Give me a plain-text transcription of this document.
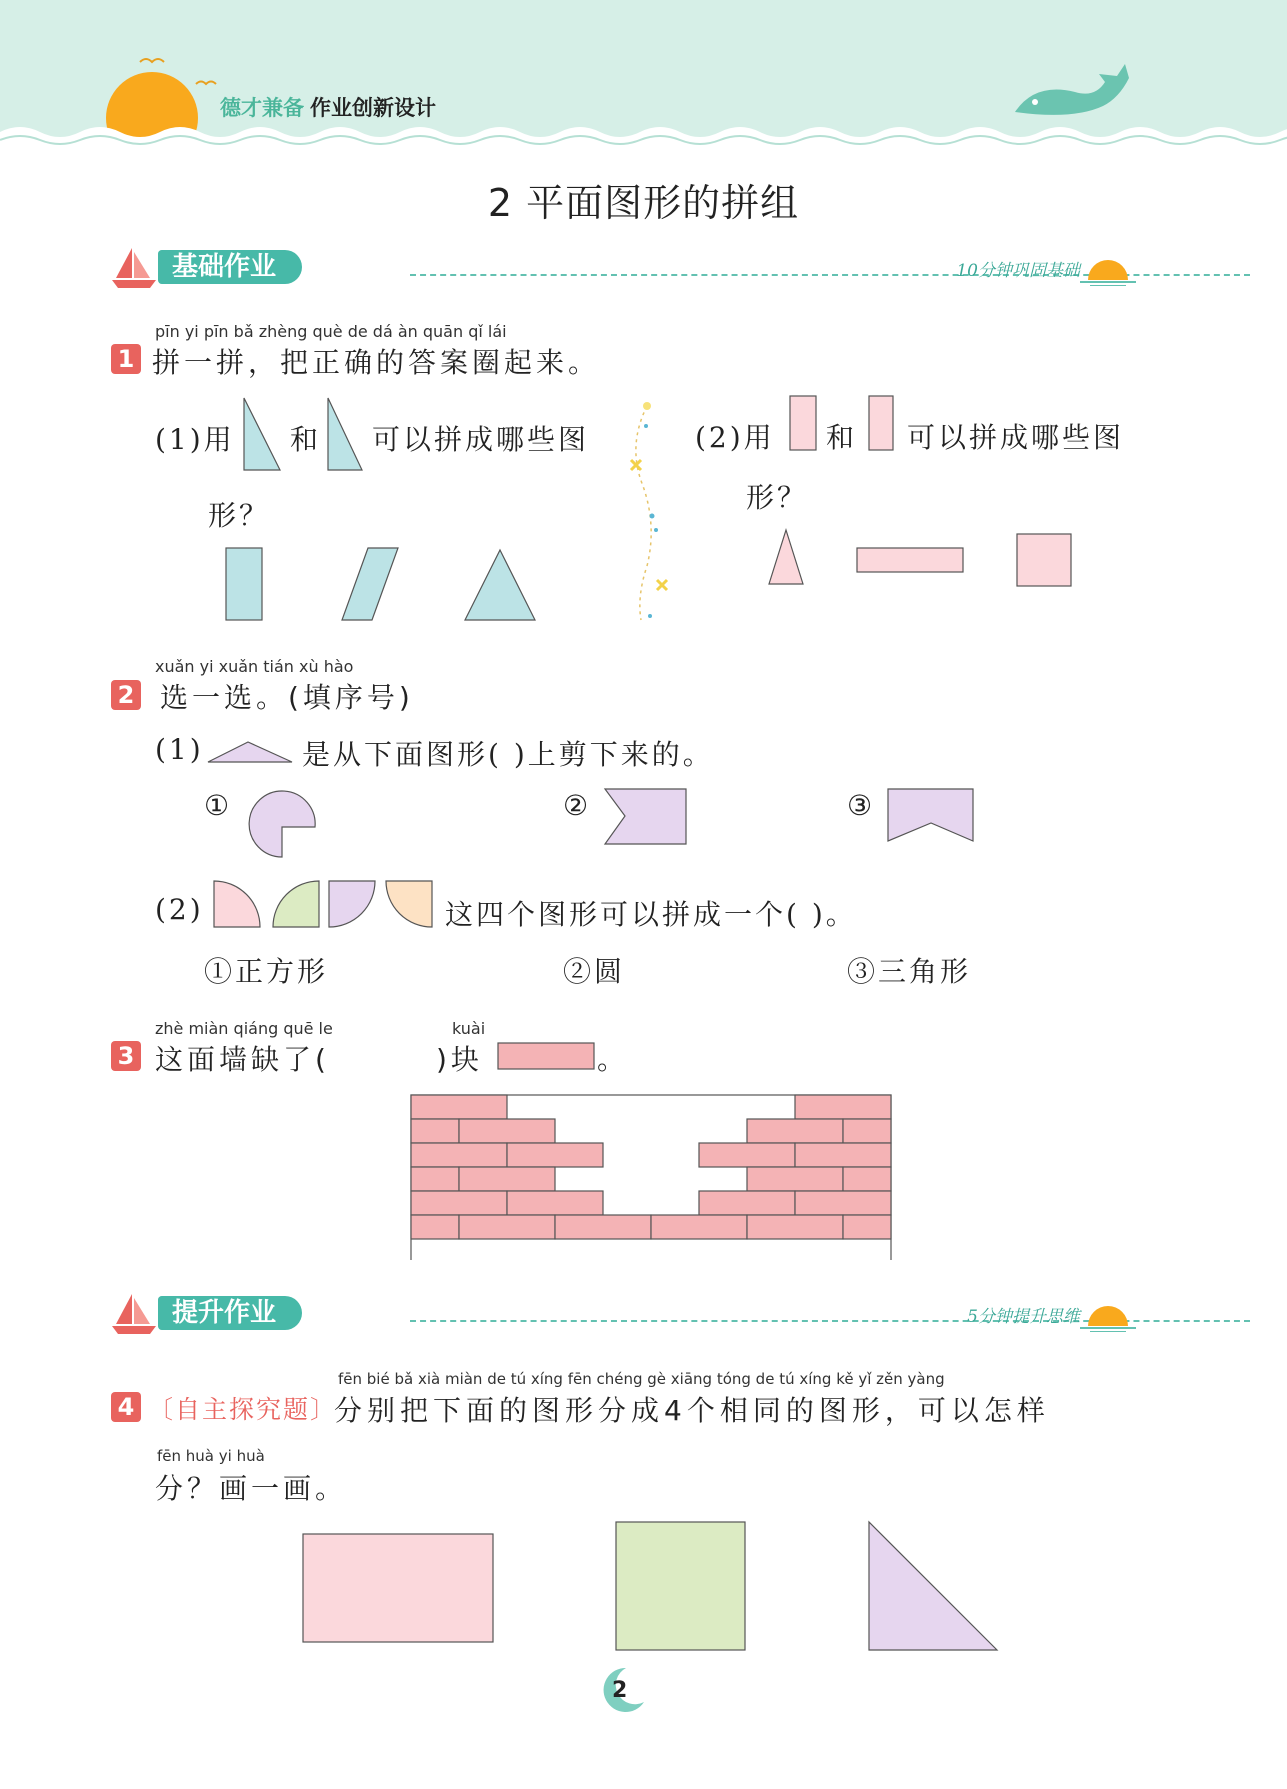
德才兼备 作业创新设计
2 平面图形的拼组
基础作业	10分钟巩固基础
pīn yi pīn bǎ zhèng què de dá àn quān qǐ lái
1 拼一拼，把正确的答案圈起来。
(1)用 和 可以拼成哪些图
形？
(2)用 和 可以拼成哪些图
形？
xuǎn yi xuǎn tián xù hào
2 选一选。(填序号)
(1)	是从下面图形( )上剪下来的。
①	②	③
(2)	这四个图形可以拼成一个( )。
①正方形	②圆	③三角形
zhè miàn qiáng quē le	kuài
3 这面墙缺了(	)块	。
提升作业	5分钟提升思维
fēn bié bǎ xià miàn de tú xíng fēn chéng gè xiāng tóng de tú xíng kě yǐ zěn yàng
4 〔自主探究题〕
分别把下面的图形分成4个相同的图形，可以怎样
fēn huà yi huà
分？画一画。
2
